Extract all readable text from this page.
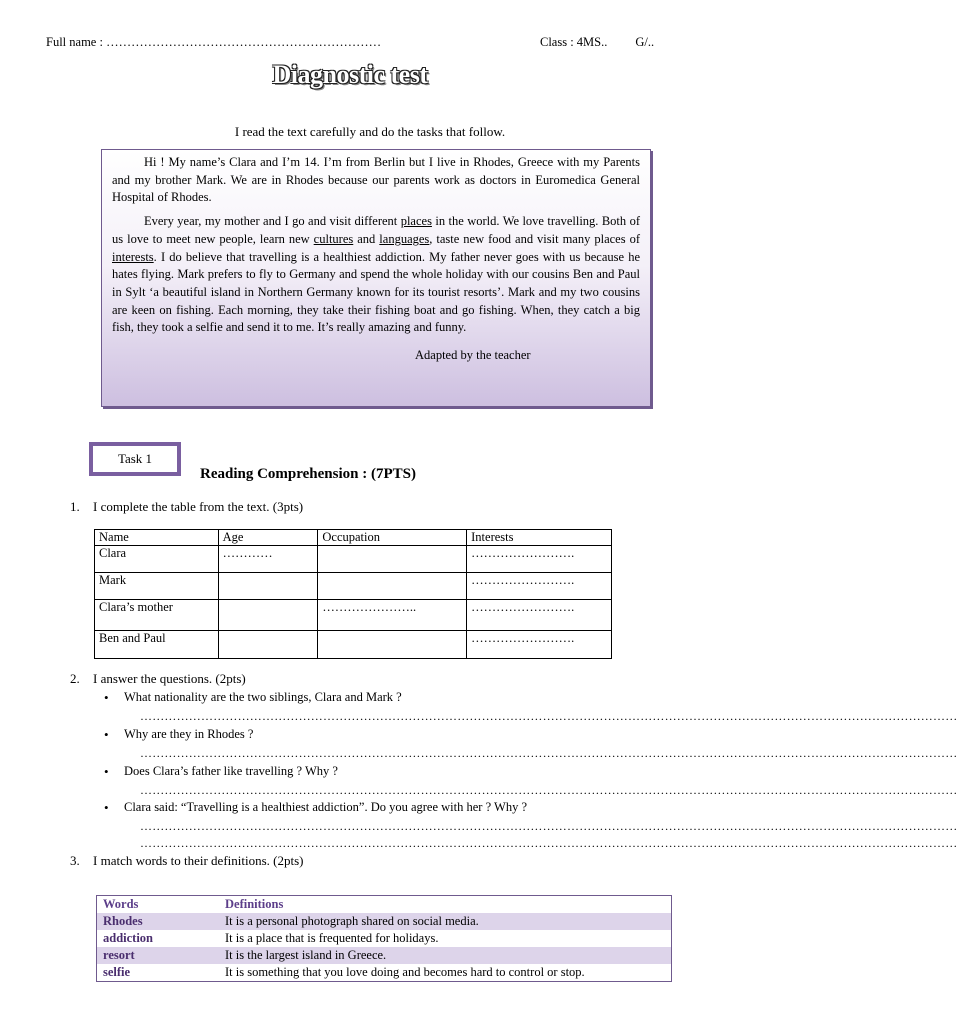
Full name : …………………………………………………………	Class : 4MS.. G/..
Diagnostic test
I read the text carefully and do the tasks that follow.

Hi ! My name’s Clara and I’m 14. I’m from Berlin but I live in Rhodes, Greece with my Parents and my brother Mark. We are in Rhodes because our parents work as doctors in Euromedica General Hospital of Rhodes.

Every year, my mother and I go and visit different places in the world. We love travelling. Both of us love to meet new people, learn new cultures and languages, taste new food and visit many places of interests. I do believe that travelling is a healthiest addiction. My father never goes with us because he hates flying. Mark prefers to fly to Germany and spend the whole holiday with our cousins Ben and Paul in Sylt ‘a beautiful island in Northern Germany known for its tourist resorts’. Mark and my two cousins are keen on fishing. Each morning, they take their fishing boat and go fishing. When, they catch a big fish, they took a selfie and send it to me. It’s really amazing and funny.

Adapted by the teacher
Task 1
Reading Comprehension : (7PTS)
1. I complete the table from the text. (3pts)
Name	Age	Occupation	Interests
Clara	…………		…………………….
Mark			…………………….
Clara’s mother		…………………..	…………………….
Ben and Paul			…………………….
2. I answer the questions. (2pts)
• What nationality are the two siblings, Clara and Mark ?
…………………………………………………………………………………………………………………………………………………………………………………
• Why are they in Rhodes ?
…………………………………………………………………………………………………………………………………………………………………………………
• Does Clara’s father like travelling ? Why ?
…………………………………………………………………………………………………………………………………………………………………………………
• Clara said: “Travelling is a healthiest addiction”. Do you agree with her ? Why ?
…………………………………………………………………………………………………………………………………………………………………………………
…………………………………………………………………………………………………………………………………………………………………………………
3. I match words to their definitions. (2pts)
Words	Definitions
Rhodes	It is a personal photograph shared on social media.
addiction	It is a place that is frequented for holidays.
resort	It is the largest island in Greece.
selfie	It is something that you love doing and becomes hard to control or stop.
